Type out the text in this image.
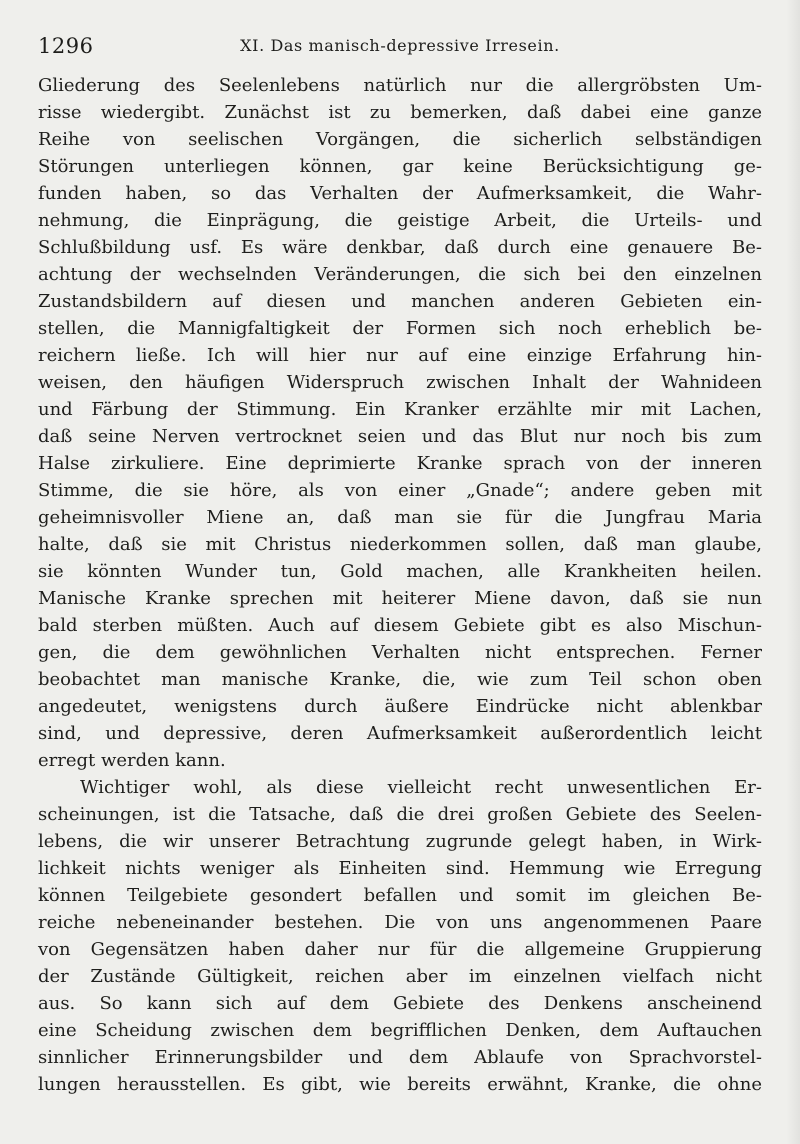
1296	XI. Das manisch-depressive Irresein.
Gliederung des Seelenlebens natürlich nur die allergröbsten Um-
risse wiedergibt. Zunächst ist zu bemerken, daß dabei eine ganze
Reihe von seelischen Vorgängen, die sicherlich selbständigen
Störungen unterliegen können, gar keine Berücksichtigung ge-
funden haben, so das Verhalten der Aufmerksamkeit, die Wahr-
nehmung, die Einprägung, die geistige Arbeit, die Urteils- und
Schlußbildung usf. Es wäre denkbar, daß durch eine genauere Be-
achtung der wechselnden Veränderungen, die sich bei den einzelnen
Zustandsbildern auf diesen und manchen anderen Gebieten ein-
stellen, die Mannigfaltigkeit der Formen sich noch erheblich be-
reichern ließe. Ich will hier nur auf eine einzige Erfahrung hin-
weisen, den häufigen Widerspruch zwischen Inhalt der Wahnideen
und Färbung der Stimmung. Ein Kranker erzählte mir mit Lachen,
daß seine Nerven vertrocknet seien und das Blut nur noch bis zum
Halse zirkuliere. Eine deprimierte Kranke sprach von der inneren
Stimme, die sie höre, als von einer „Gnade“; andere geben mit
geheimnisvoller Miene an, daß man sie für die Jungfrau Maria
halte, daß sie mit Christus niederkommen sollen, daß man glaube,
sie könnten Wunder tun, Gold machen, alle Krankheiten heilen.
Manische Kranke sprechen mit heiterer Miene davon, daß sie nun
bald sterben müßten. Auch auf diesem Gebiete gibt es also Mischun-
gen, die dem gewöhnlichen Verhalten nicht entsprechen. Ferner
beobachtet man manische Kranke, die, wie zum Teil schon oben
angedeutet, wenigstens durch äußere Eindrücke nicht ablenkbar
sind, und depressive, deren Aufmerksamkeit außerordentlich leicht
erregt werden kann.
Wichtiger wohl, als diese vielleicht recht unwesentlichen Er-
scheinungen, ist die Tatsache, daß die drei großen Gebiete des Seelen-
lebens, die wir unserer Betrachtung zugrunde gelegt haben, in Wirk-
lichkeit nichts weniger als Einheiten sind. Hemmung wie Erregung
können Teilgebiete gesondert befallen und somit im gleichen Be-
reiche nebeneinander bestehen. Die von uns angenommenen Paare
von Gegensätzen haben daher nur für die allgemeine Gruppierung
der Zustände Gültigkeit, reichen aber im einzelnen vielfach nicht
aus. So kann sich auf dem Gebiete des Denkens anscheinend
eine Scheidung zwischen dem begrifflichen Denken, dem Auftauchen
sinnlicher Erinnerungsbilder und dem Ablaufe von Sprachvorstel-
lungen herausstellen. Es gibt, wie bereits erwähnt, Kranke, die ohne
